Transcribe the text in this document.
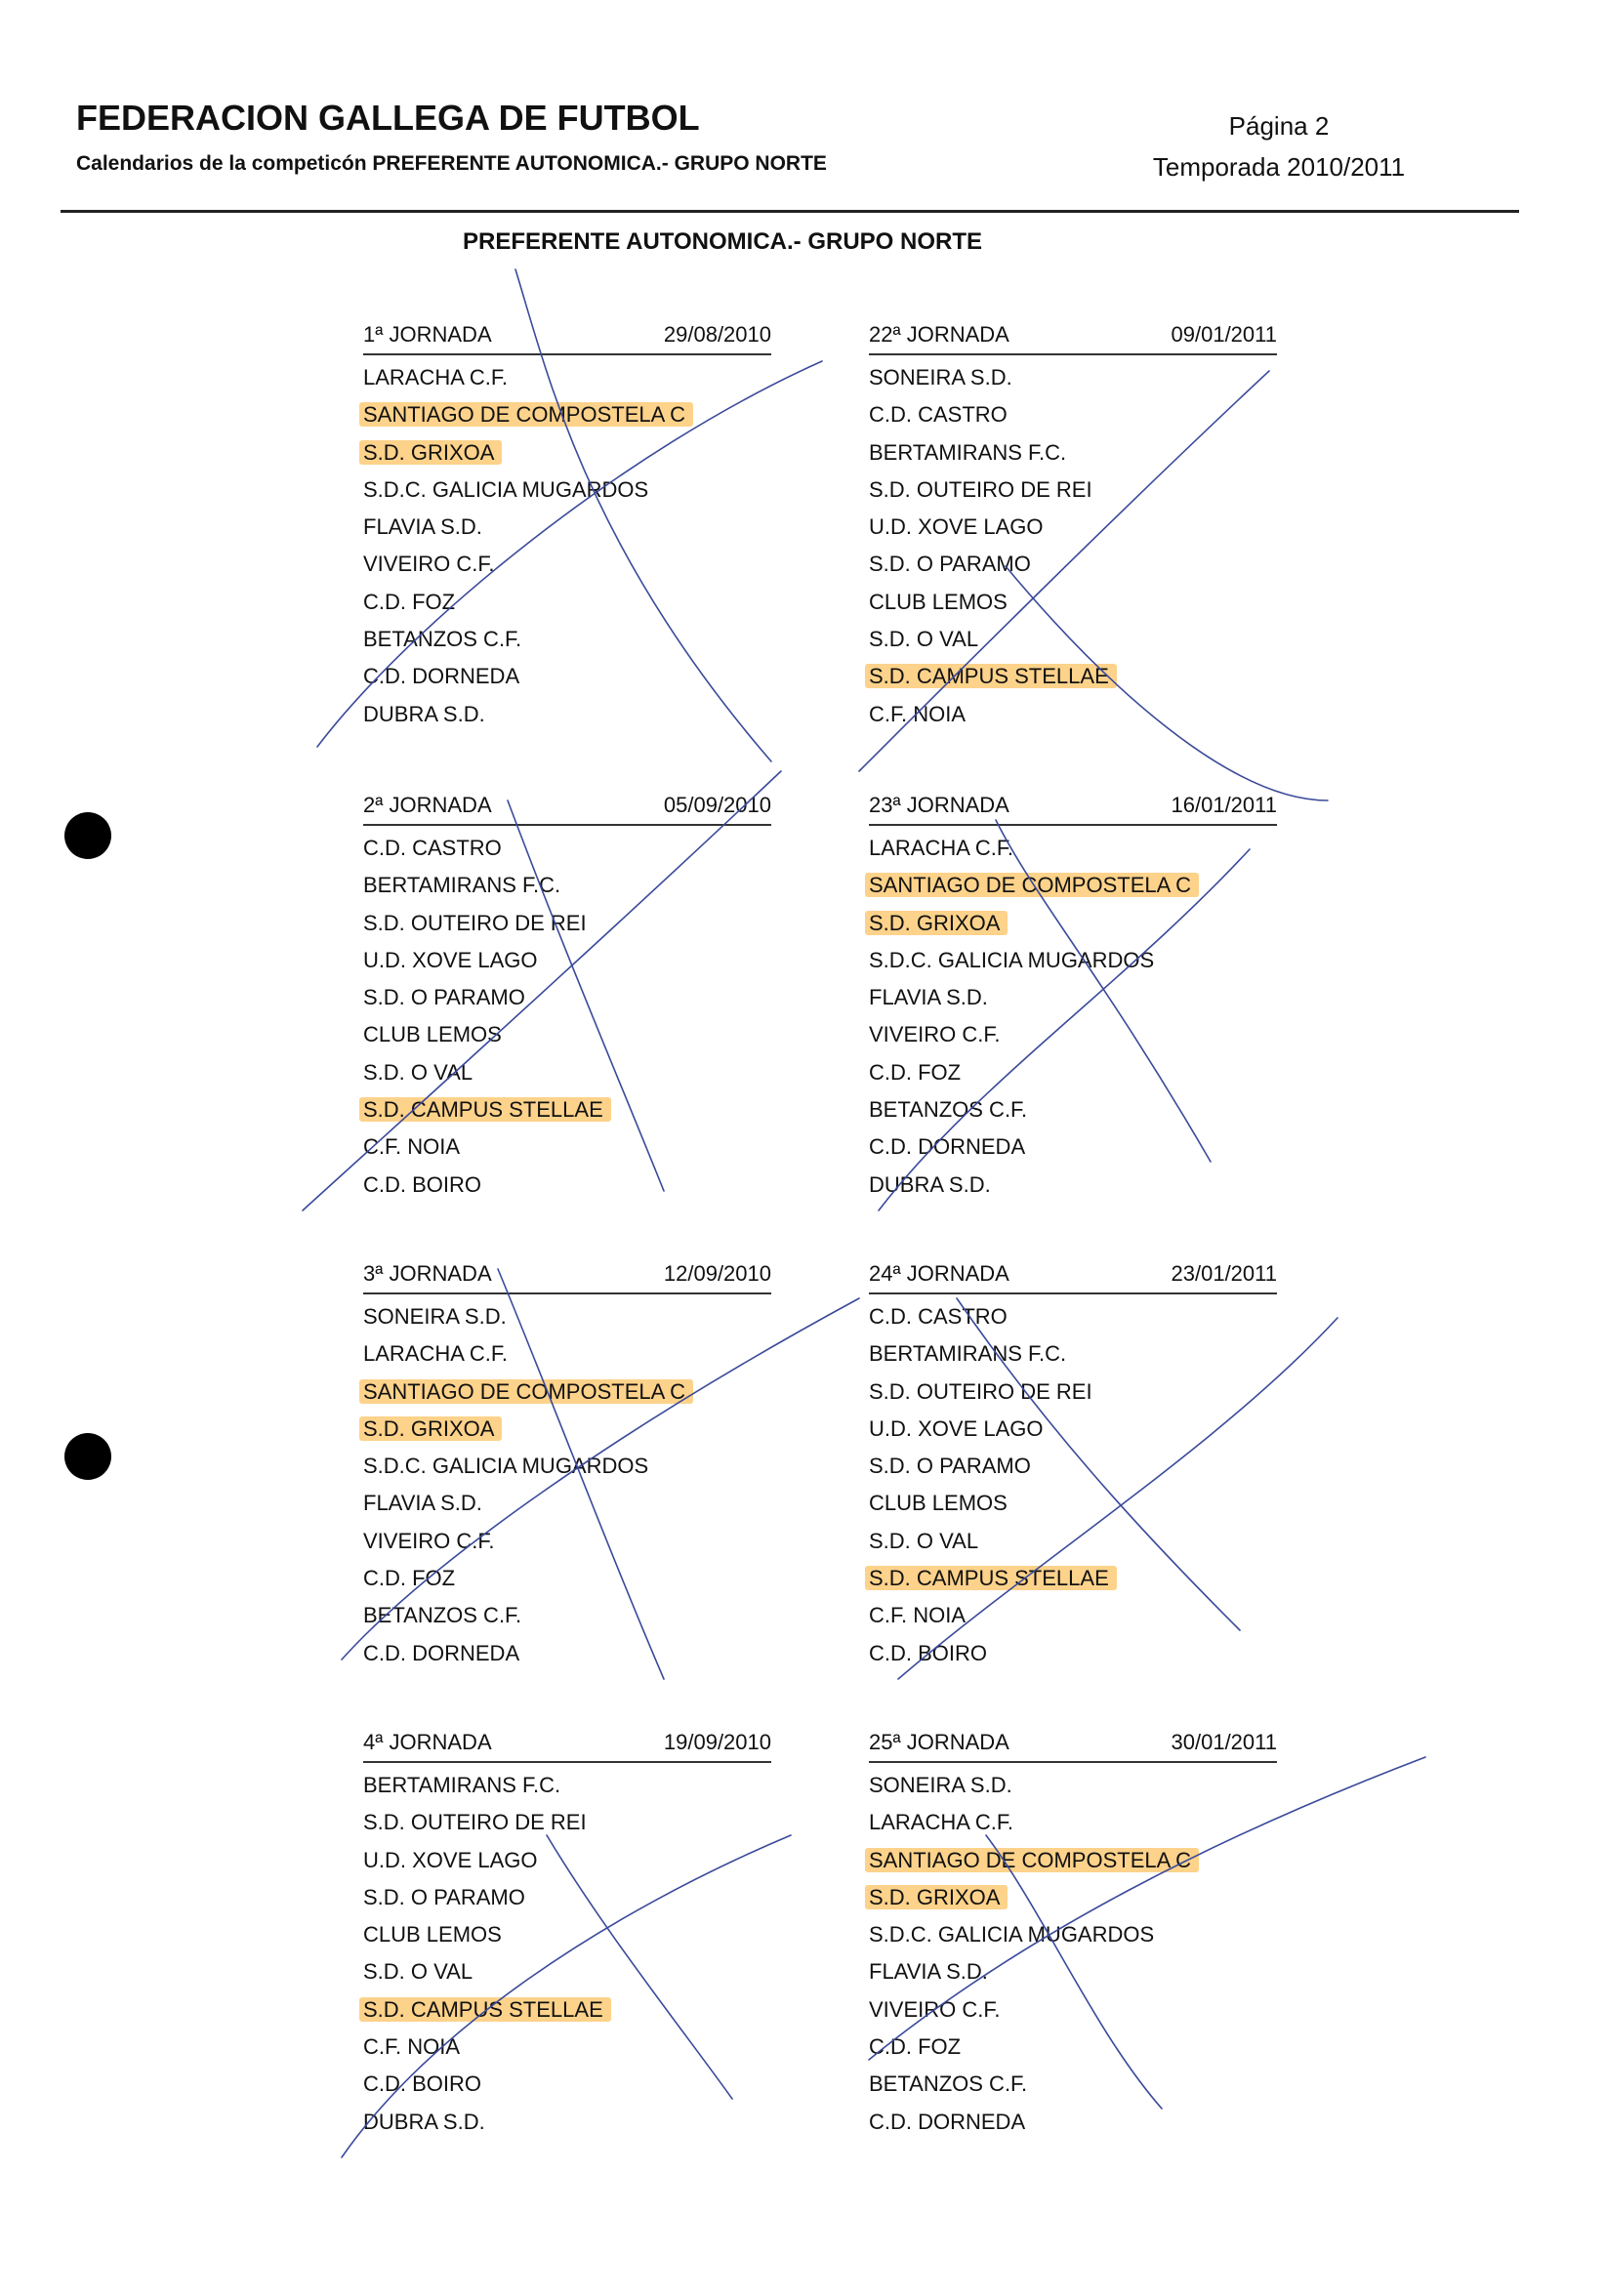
FEDERACION GALLEGA DE FUTBOL
Calendarios de la competicón PREFERENTE AUTONOMICA.- GRUPO NORTE
Página 2
Temporada 2010/2011
PREFERENTE AUTONOMICA.- GRUPO NORTE
1ª JORNADA	29/08/2010
LARACHA C.F.
SANTIAGO DE COMPOSTELA C
S.D. GRIXOA
S.D.C. GALICIA MUGARDOS
FLAVIA S.D.
VIVEIRO C.F.
C.D. FOZ
BETANZOS C.F.
C.D. DORNEDA
DUBRA S.D.
22ª JORNADA	09/01/2011
SONEIRA S.D.
C.D. CASTRO
BERTAMIRANS F.C.
S.D. OUTEIRO DE REI
U.D. XOVE LAGO
S.D. O PARAMO
CLUB LEMOS
S.D. O VAL
S.D. CAMPUS STELLAE
C.F. NOIA
2ª JORNADA	05/09/2010
C.D. CASTRO
BERTAMIRANS F.C.
S.D. OUTEIRO DE REI
U.D. XOVE LAGO
S.D. O PARAMO
CLUB LEMOS
S.D. O VAL
S.D. CAMPUS STELLAE
C.F. NOIA
C.D. BOIRO
23ª JORNADA	16/01/2011
LARACHA C.F.
SANTIAGO DE COMPOSTELA C
S.D. GRIXOA
S.D.C. GALICIA MUGARDOS
FLAVIA S.D.
VIVEIRO C.F.
C.D. FOZ
BETANZOS C.F.
C.D. DORNEDA
DUBRA S.D.
3ª JORNADA	12/09/2010
SONEIRA S.D.
LARACHA C.F.
SANTIAGO DE COMPOSTELA C
S.D. GRIXOA
S.D.C. GALICIA MUGARDOS
FLAVIA S.D.
VIVEIRO C.F.
C.D. FOZ
BETANZOS C.F.
C.D. DORNEDA
24ª JORNADA	23/01/2011
C.D. CASTRO
BERTAMIRANS F.C.
S.D. OUTEIRO DE REI
U.D. XOVE LAGO
S.D. O PARAMO
CLUB LEMOS
S.D. O VAL
S.D. CAMPUS STELLAE
C.F. NOIA
C.D. BOIRO
4ª JORNADA	19/09/2010
BERTAMIRANS F.C.
S.D. OUTEIRO DE REI
U.D. XOVE LAGO
S.D. O PARAMO
CLUB LEMOS
S.D. O VAL
S.D. CAMPUS STELLAE
C.F. NOIA
C.D. BOIRO
DUBRA S.D.
25ª JORNADA	30/01/2011
SONEIRA S.D.
LARACHA C.F.
SANTIAGO DE COMPOSTELA C
S.D. GRIXOA
S.D.C. GALICIA MUGARDOS
FLAVIA S.D.
VIVEIRO C.F.
C.D. FOZ
BETANZOS C.F.
C.D. DORNEDA
